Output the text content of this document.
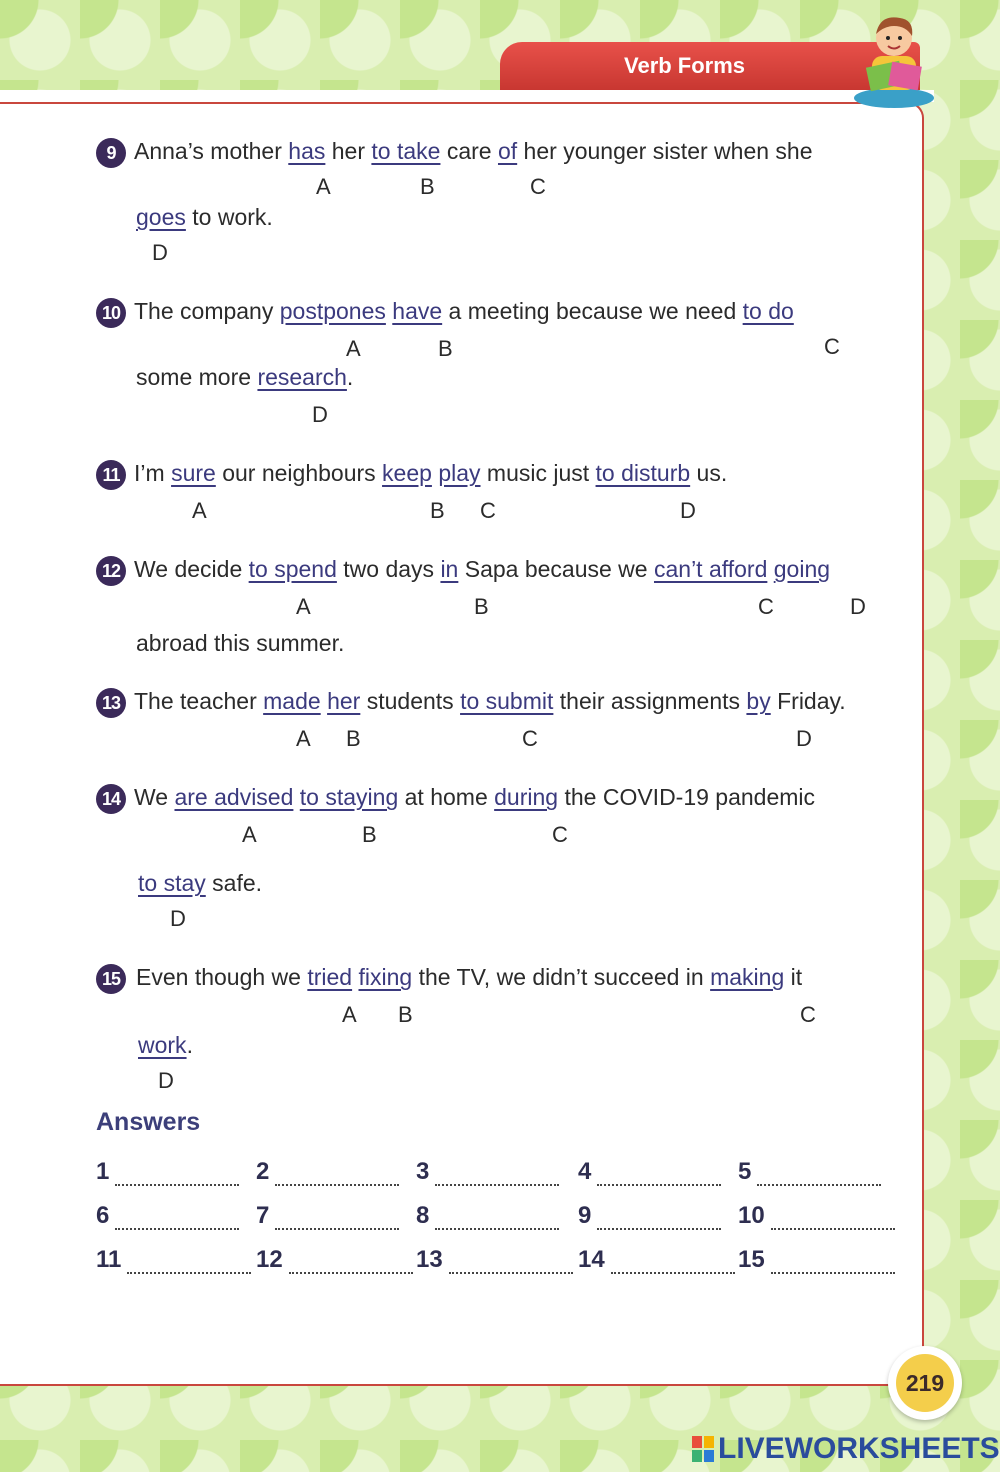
Verb Forms
9 Anna’s mother has her to take care of her younger sister when she
goes to work.
A	B	C
D
10 The company postpones have a meeting because we need to do
some more research.
A	B	C
D
11 I’m sure our neighbours keep play music just to disturb us.
A	B C	D
12 We decide to spend two days in Sapa because we can’t afford going
abroad this summer.
A	B	C	D
13 The teacher made her students to submit their assignments by Friday.
A B	C	D
14 We are advised to staying at home during the COVID-19 pandemic
to stay safe.
A	B	C
D
15 Even though we tried fixing the TV, we didn’t succeed in making it
work.
A B	C
D
Answers
1	2	3	4	5
6	7	8	9	10
11	12	13	14	15
219
LIVEWORKSHEETS
